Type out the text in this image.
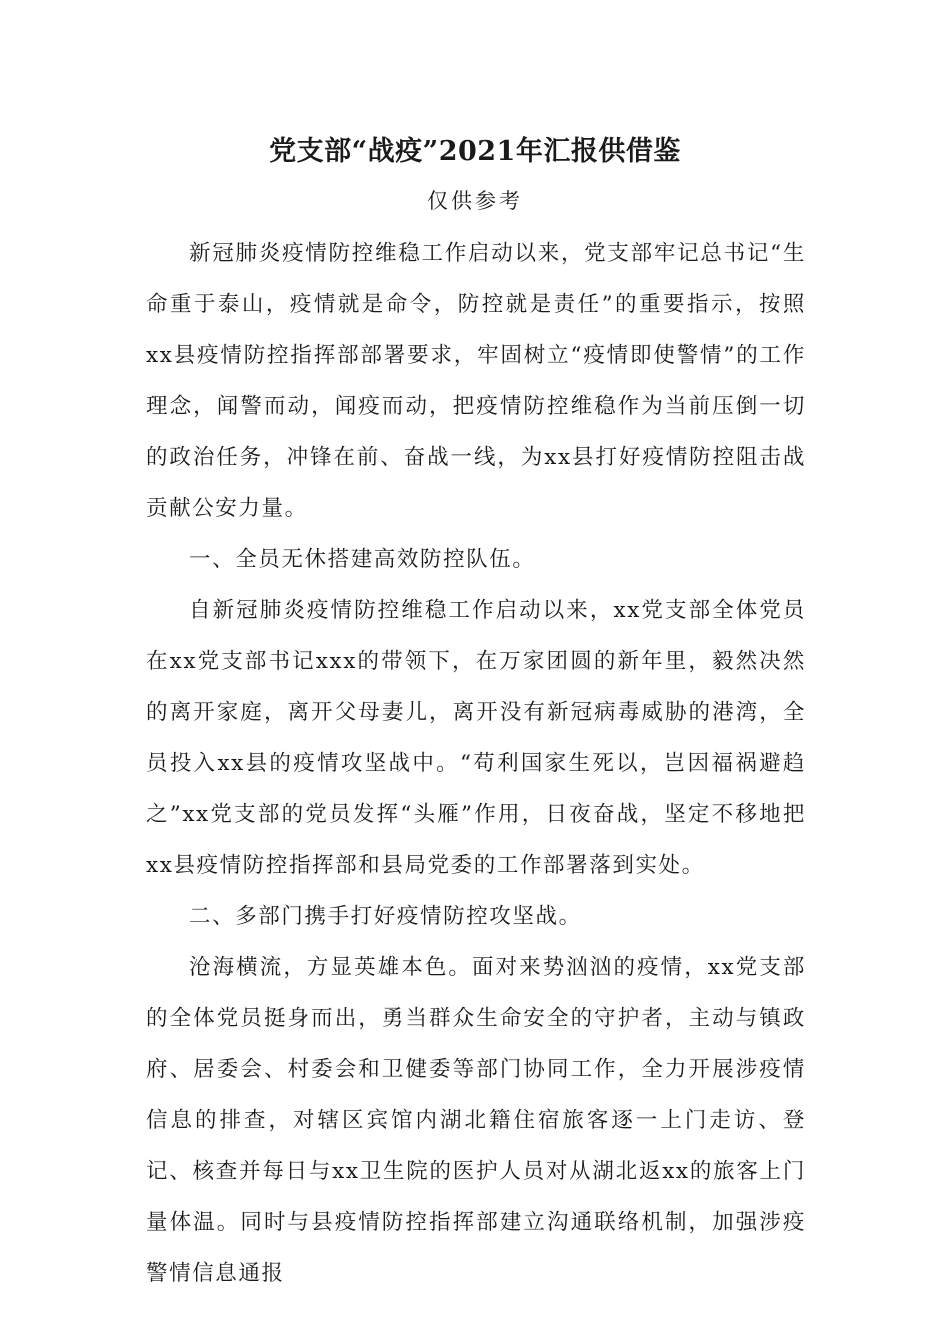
党支部“战疫”2021年汇报供借鉴
仅供参考

新冠肺炎疫情防控维稳工作启动以来，党支部牢记总书记“生命重于泰山，疫情就是命令，防控就是责任”的重要指示，按照xx县疫情防控指挥部部署要求，牢固树立“疫情即使警情”的工作理念，闻警而动，闻疫而动，把疫情防控维稳作为当前压倒一切的政治任务，冲锋在前、奋战一线，为xx县打好疫情防控阻击战贡献公安力量。

一、全员无休搭建高效防控队伍。

自新冠肺炎疫情防控维稳工作启动以来，xx党支部全体党员在xx党支部书记xxx的带领下，在万家团圆的新年里，毅然决然的离开家庭，离开父母妻儿，离开没有新冠病毒威胁的港湾，全员投入xx县的疫情攻坚战中。“苟利国家生死以，岂因福祸避趋之”xx党支部的党员发挥“头雁”作用，日夜奋战，坚定不移地把xx县疫情防控指挥部和县局党委的工作部署落到实处。

二、多部门携手打好疫情防控攻坚战。

沧海横流，方显英雄本色。面对来势汹汹的疫情，xx党支部的全体党员挺身而出，勇当群众生命安全的守护者，主动与镇政府、居委会、村委会和卫健委等部门协同工作，全力开展涉疫情信息的排查，对辖区宾馆内湖北籍住宿旅客逐一上门走访、登记、核查并每日与xx卫生院的医护人员对从湖北返xx的旅客上门量体温。同时与县疫情防控指挥部建立沟通联络机制，加强涉疫警情信息通报
